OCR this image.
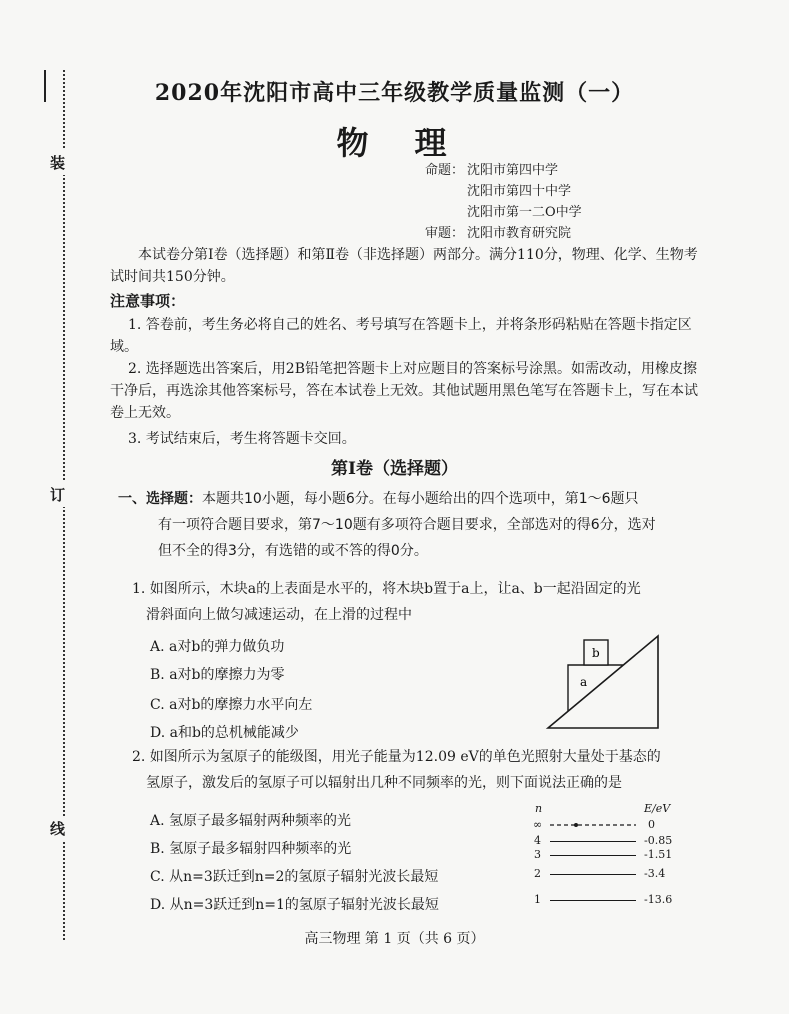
装
订
线
2020年沈阳市高中三年级教学质量监测（一）
物理
命题： 沈阳市第四中学
沈阳市第四十中学
沈阳市第一二O中学
审题： 沈阳市教育研究院
本试卷分第Ⅰ卷（选择题）和第Ⅱ卷（非选择题）两部分。满分110分，物理、化学、生物考试时间共150分钟。
注意事项：
1. 答卷前，考生务必将自己的姓名、考号填写在答题卡上，并将条形码粘贴在答题卡指定区域。
2. 选择题选出答案后，用2B铅笔把答题卡上对应题目的答案标号涂黑。如需改动，用橡皮擦干净后，再选涂其他答案标号，答在本试卷上无效。其他试题用黑色笔写在答题卡上，写在本试卷上无效。
3. 考试结束后，考生将答题卡交回。
第Ⅰ卷（选择题）
一、选择题：本题共10小题，每小题6分。在每小题给出的四个选项中，第1～6题只
有一项符合题目要求，第7～10题有多项符合题目要求，全部选对的得6分，选对
但不全的得3分，有选错的或不答的得0分。
1. 如图所示，木块a的上表面是水平的，将木块b置于a上，让a、b一起沿固定的光
滑斜面向上做匀减速运动，在上滑的过程中
A. a对b的弹力做负功
B. a对b的摩擦力为零
C. a对b的摩擦力水平向左
D. a和b的总机械能减少
a
b
2. 如图所示为氢原子的能级图，用光子能量为12.09 eV的单色光照射大量处于基态的
氢原子，激发后的氢原子可以辐射出几种不同频率的光，则下面说法正确的是
A. 氢原子最多辐射两种频率的光
B. 氢原子最多辐射四种频率的光
C. 从n=3跃迁到n=2的氢原子辐射光波长最短
D. 从n=3跃迁到n=1的氢原子辐射光波长最短
n	E/eV
∞	0
4	-0.85
3	-1.51
2	-3.4
1	-13.6
高三物理 第 1 页（共 6 页）
